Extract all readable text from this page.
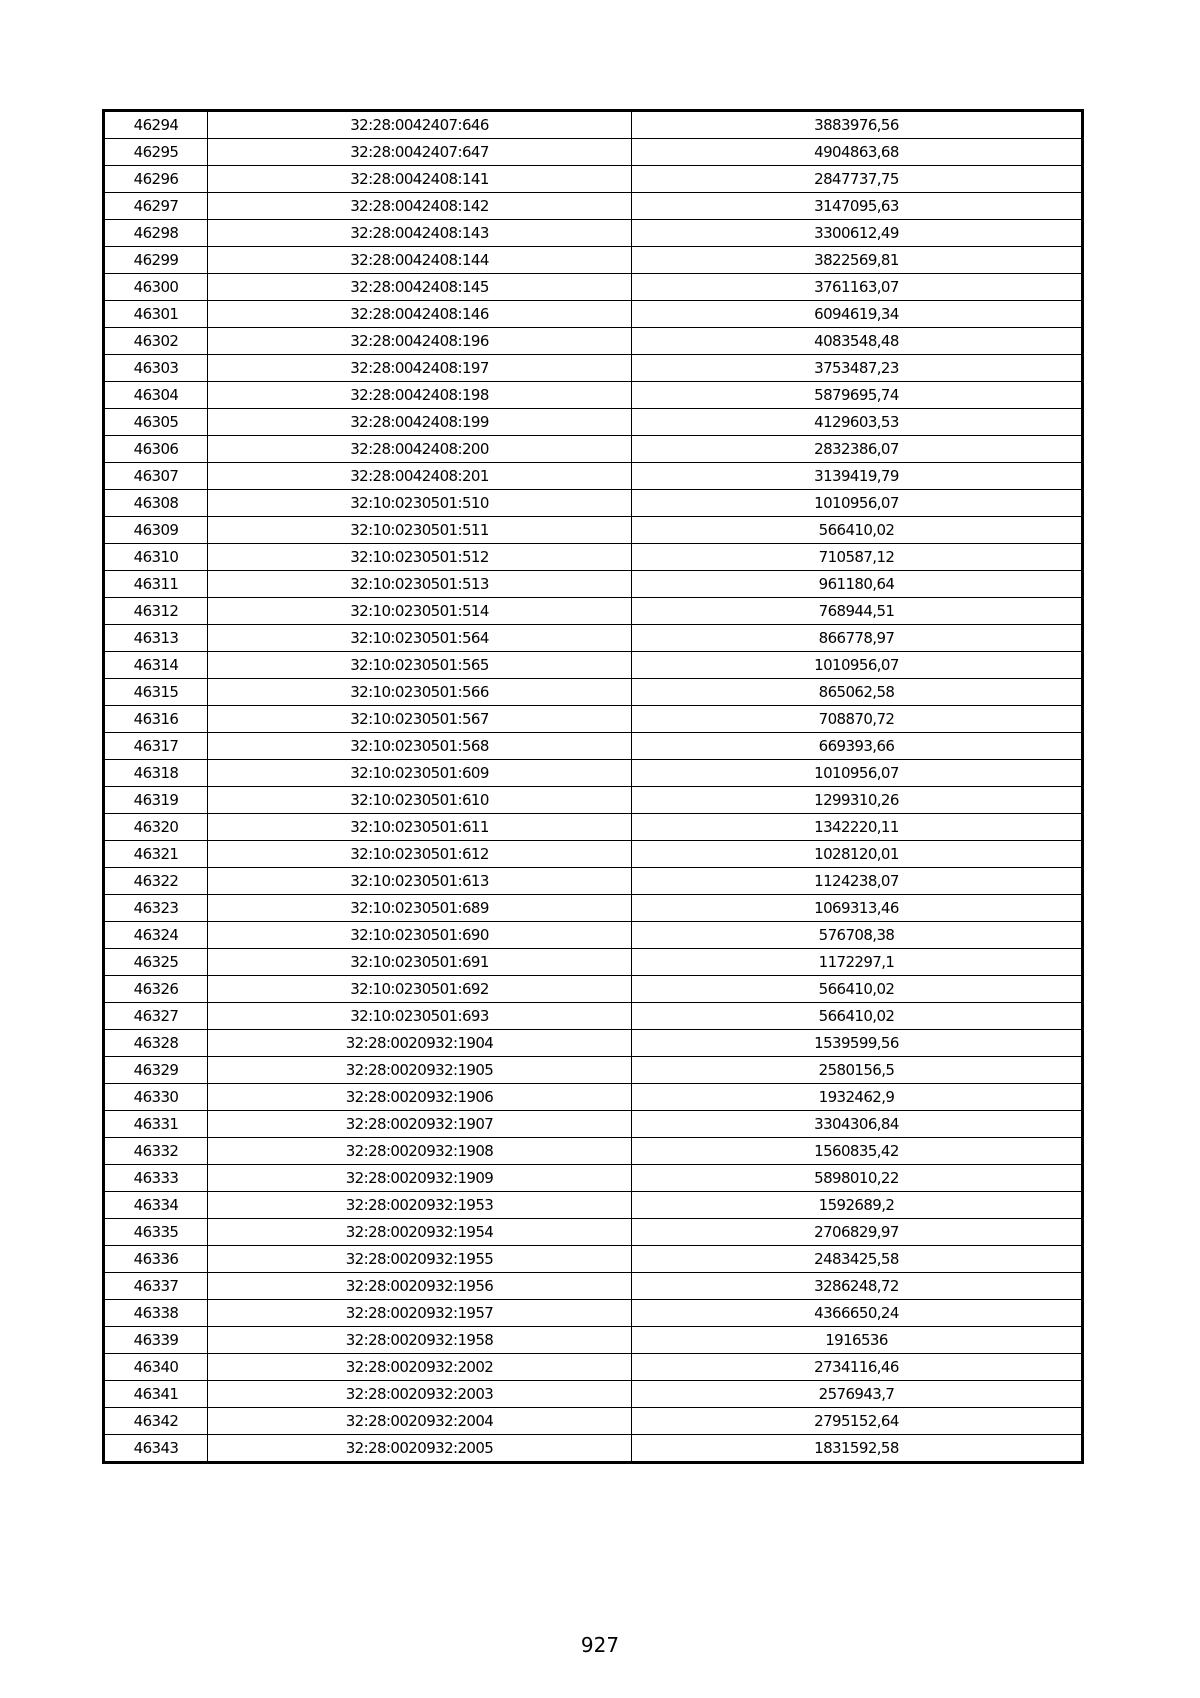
46294	32:28:0042407:646	3883976,56
46295	32:28:0042407:647	4904863,68
46296	32:28:0042408:141	2847737,75
46297	32:28:0042408:142	3147095,63
46298	32:28:0042408:143	3300612,49
46299	32:28:0042408:144	3822569,81
46300	32:28:0042408:145	3761163,07
46301	32:28:0042408:146	6094619,34
46302	32:28:0042408:196	4083548,48
46303	32:28:0042408:197	3753487,23
46304	32:28:0042408:198	5879695,74
46305	32:28:0042408:199	4129603,53
46306	32:28:0042408:200	2832386,07
46307	32:28:0042408:201	3139419,79
46308	32:10:0230501:510	1010956,07
46309	32:10:0230501:511	566410,02
46310	32:10:0230501:512	710587,12
46311	32:10:0230501:513	961180,64
46312	32:10:0230501:514	768944,51
46313	32:10:0230501:564	866778,97
46314	32:10:0230501:565	1010956,07
46315	32:10:0230501:566	865062,58
46316	32:10:0230501:567	708870,72
46317	32:10:0230501:568	669393,66
46318	32:10:0230501:609	1010956,07
46319	32:10:0230501:610	1299310,26
46320	32:10:0230501:611	1342220,11
46321	32:10:0230501:612	1028120,01
46322	32:10:0230501:613	1124238,07
46323	32:10:0230501:689	1069313,46
46324	32:10:0230501:690	576708,38
46325	32:10:0230501:691	1172297,1
46326	32:10:0230501:692	566410,02
46327	32:10:0230501:693	566410,02
46328	32:28:0020932:1904	1539599,56
46329	32:28:0020932:1905	2580156,5
46330	32:28:0020932:1906	1932462,9
46331	32:28:0020932:1907	3304306,84
46332	32:28:0020932:1908	1560835,42
46333	32:28:0020932:1909	5898010,22
46334	32:28:0020932:1953	1592689,2
46335	32:28:0020932:1954	2706829,97
46336	32:28:0020932:1955	2483425,58
46337	32:28:0020932:1956	3286248,72
46338	32:28:0020932:1957	4366650,24
46339	32:28:0020932:1958	1916536
46340	32:28:0020932:2002	2734116,46
46341	32:28:0020932:2003	2576943,7
46342	32:28:0020932:2004	2795152,64
46343	32:28:0020932:2005	1831592,58
927
